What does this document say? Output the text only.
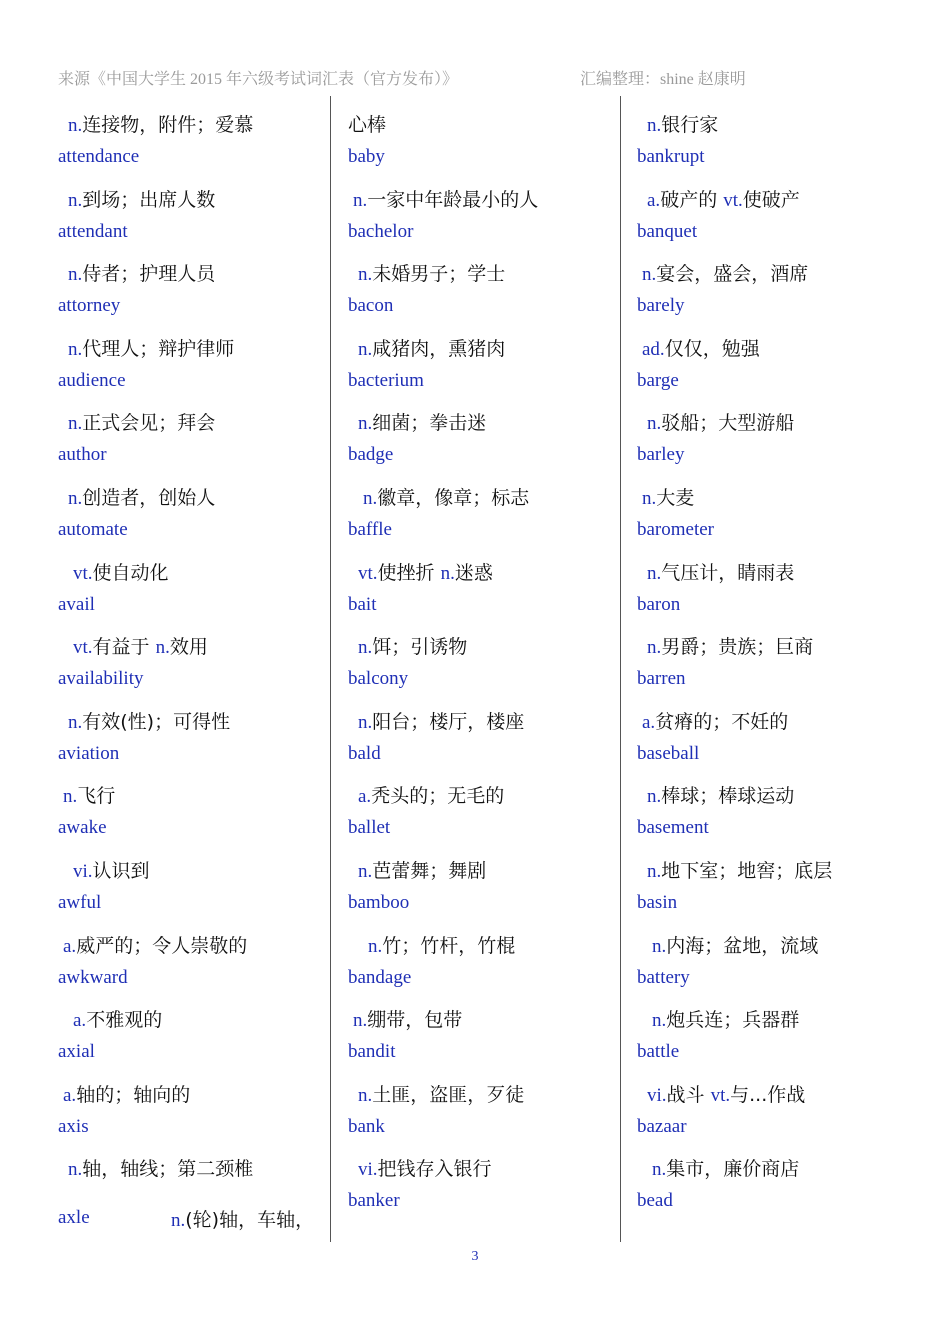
来源《中国大学生 2015 年六级考试词汇表（官方发布）》	汇编整理：shine 赵康明
n.连接物，附件；爱慕
attendance
n.到场；出席人数
attendant
n.侍者；护理人员
attorney
n.代理人；辩护律师
audience
n.正式会见；拜会
author
n.创造者，创始人
automate
vt.使自动化
avail
vt.有益于 n.效用
availability
n.有效(性)；可得性
aviation
n.飞行
awake
vi.认识到
awful
a.威严的；令人崇敬的
awkward
a.不雅观的
axial
a.轴的；轴向的
axis
n.轴，轴线；第二颈椎
心棒
baby
n.一家中年龄最小的人
bachelor
n.未婚男子；学士
bacon
n.咸猪肉，熏猪肉
bacterium
n.细菌；拳击迷
badge
n.徽章，像章；标志
baffle
vt.使挫折 n.迷惑
bait
n.饵；引诱物
balcony
n.阳台；楼厅，楼座
bald
a.秃头的；无毛的
ballet
n.芭蕾舞；舞剧
bamboo
n.竹；竹杆，竹棍
bandage
n.绷带，包带
bandit
n.土匪，盗匪，歹徒
bank
vi.把钱存入银行
banker
n.银行家
bankrupt
a.破产的 vt.使破产
banquet
n.宴会，盛会，酒席
barely
ad.仅仅，勉强
barge
n.驳船；大型游船
barley
n.大麦
barometer
n.气压计，睛雨表
baron
n.男爵；贵族；巨商
barren
a.贫瘠的；不妊的
baseball
n.棒球；棒球运动
basement
n.地下室；地窖；底层
basin
n.内海；盆地，流域
battery
n.炮兵连；兵器群
battle
vi.战斗 vt.与...作战
bazaar
n.集市，廉价商店
bead
axle	n.(轮)轴，车轴，
3
